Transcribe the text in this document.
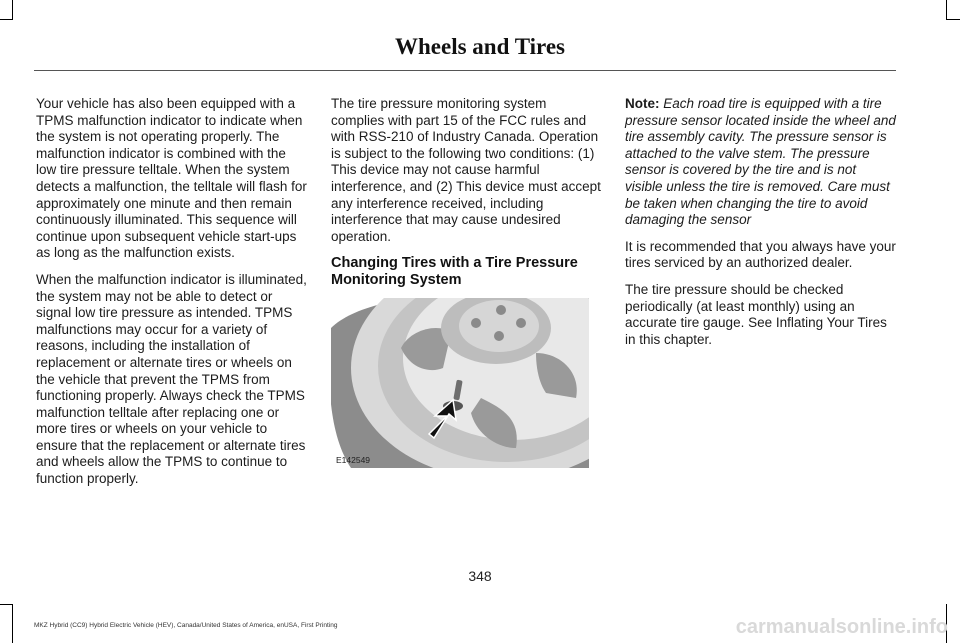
Wheels and Tires

Your vehicle has also been equipped with a TPMS malfunction indicator to indicate when the system is not operating properly. The malfunction indicator is combined with the low tire pressure telltale. When the system detects a malfunction, the telltale will flash for approximately one minute and then remain continuously illuminated. This sequence will continue upon subsequent vehicle start-ups as long as the malfunction exists.

When the malfunction indicator is illuminated, the system may not be able to detect or signal low tire pressure as intended. TPMS malfunctions may occur for a variety of reasons, including the installation of replacement or alternate tires or wheels on the vehicle that prevent the TPMS from functioning properly. Always check the TPMS malfunction telltale after replacing one or more tires or wheels on your vehicle to ensure that the replacement or alternate tires and wheels allow the TPMS to continue to function properly.

The tire pressure monitoring system complies with part 15 of the FCC rules and with RSS-210 of Industry Canada. Operation is subject to the following two conditions: (1) This device may not cause harmful interference, and (2) This device must accept any interference received, including interference that may cause undesired operation.

Changing Tires with a Tire Pressure Monitoring System

E142549

Note: Each road tire is equipped with a tire pressure sensor located inside the wheel and tire assembly cavity. The pressure sensor is attached to the valve stem. The pressure sensor is covered by the tire and is not visible unless the tire is removed. Care must be taken when changing the tire to avoid damaging the sensor

It is recommended that you always have your tires serviced by an authorized dealer.

The tire pressure should be checked periodically (at least monthly) using an accurate tire gauge. See Inflating Your Tires in this chapter.

348
MKZ Hybrid (CC9) Hybrid Electric Vehicle (HEV), Canada/United States of America, enUSA, First Printing	carmanualsonline.info
